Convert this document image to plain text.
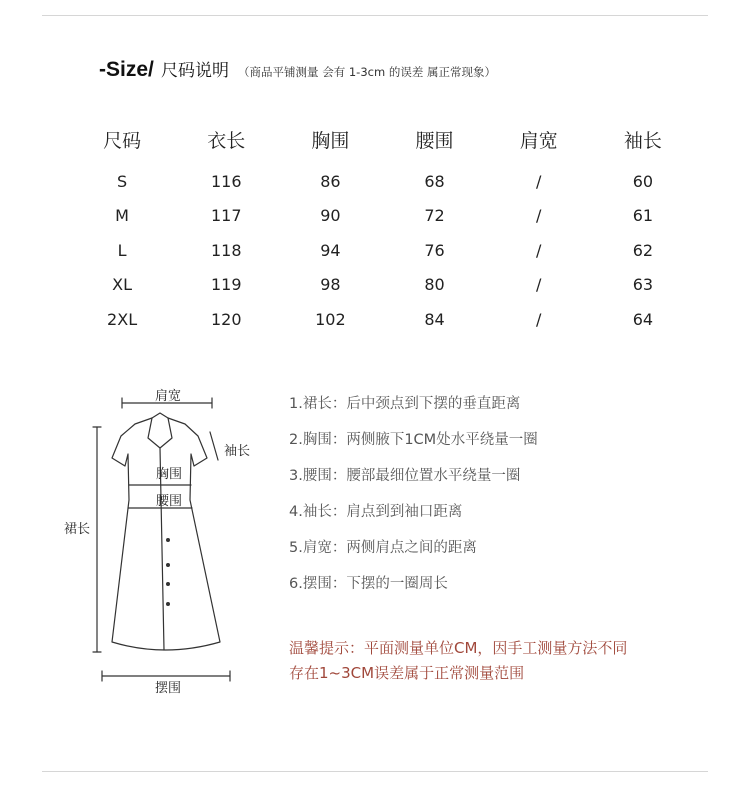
-Size/ 尺码说明 （商品平铺测量 会有 1-3cm 的误差 属正常现象）
尺码	衣长	胸围	腰围	肩宽	袖长
S	116	86	68	/	60
M	117	90	72	/	61
L	118	94	76	/	62
XL	119	98	80	/	63
2XL	120	102	84	/	64
肩宽
袖长
胸围
腰围
裙长
摆围
1.裙长：后中颈点到下摆的垂直距离
2.胸围：两侧腋下1CM处水平绕量一圈
3.腰围：腰部最细位置水平绕量一圈
4.袖长：肩点到到袖口距离
5.肩宽：两侧肩点之间的距离
6.摆围：下摆的一圈周长
温馨提示：平面测量单位CM，因手工测量方法不同
存在1~3CM误差属于正常测量范围
